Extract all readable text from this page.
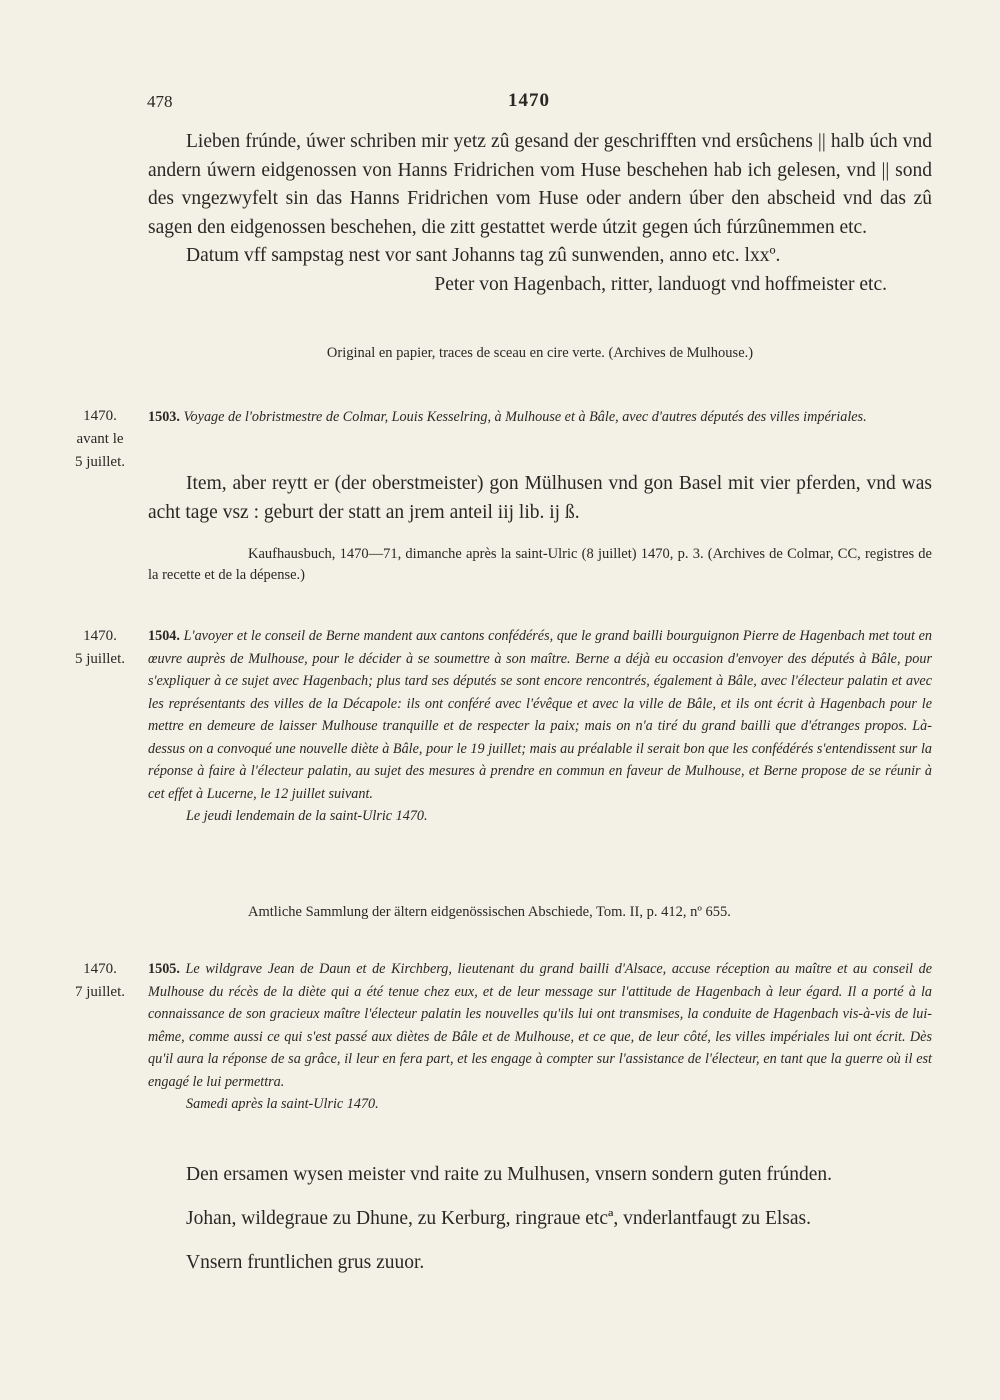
478	1470

Lieben frúnde, úwer schriben mir yetz zû gesand der geschrifften vnd ersûchens || halb úch vnd andern úwern eidgenossen von Hanns Fridrichen vom Huse beschehen hab ich gelesen, vnd || sond des vngezwyfelt sin das Hanns Fridrichen vom Huse oder andern úber den abscheid vnd das zû sagen den eidgenossen beschehen, die zitt gestattet werde útzit gegen úch fúrzûnemmen etc.

Datum vff sampstag nest vor sant Johanns tag zû sunwenden, anno etc. lxxº.

Peter von Hagenbach, ritter, landuogt vnd hoffmeister etc.
Original en papier, traces de sceau en cire verte. (Archives de Mulhouse.)
1470.
avant le
5 juillet.
1503. Voyage de l'obristmestre de Colmar, Louis Kesselring, à Mulhouse et à Bâle, avec d'autres députés des villes impériales.

Item, aber reytt er (der oberstmeister) gon Mülhusen vnd gon Basel mit vier pferden, vnd was acht tage vsz : geburt der statt an jrem anteil iij lib. ij ß.

Kaufhausbuch, 1470—71, dimanche après la saint-Ulric (8 juillet) 1470, p. 3. (Archives de Colmar, CC, registres de la recette et de la dépense.)
1470.
5 juillet.
1504. L'avoyer et le conseil de Berne mandent aux cantons confédérés, que le grand bailli bourguignon Pierre de Hagenbach met tout en œuvre auprès de Mulhouse, pour le décider à se soumettre à son maître. Berne a déjà eu occasion d'envoyer des députés à Bâle, pour s'expliquer à ce sujet avec Hagenbach; plus tard ses députés se sont encore rencontrés, également à Bâle, avec l'électeur palatin et avec les représentants des villes de la Décapole: ils ont conféré avec l'évêque et avec la ville de Bâle, et ils ont écrit à Hagenbach pour le mettre en demeure de laisser Mulhouse tranquille et de respecter la paix; mais on n'a tiré du grand bailli que d'étranges propos. Là-dessus on a convoqué une nouvelle diète à Bâle, pour le 19 juillet; mais au préalable il serait bon que les confédérés s'entendissent sur la réponse à faire à l'électeur palatin, au sujet des mesures à prendre en commun en faveur de Mulhouse, et Berne propose de se réunir à cet effet à Lucerne, le 12 juillet suivant.
Le jeudi lendemain de la saint-Ulric 1470.
Amtliche Sammlung der ältern eidgenössischen Abschiede, Tom. II, p. 412, nº 655.
1470.
7 juillet.
1505. Le wildgrave Jean de Daun et de Kirchberg, lieutenant du grand bailli d'Alsace, accuse réception au maître et au conseil de Mulhouse du récès de la diète qui a été tenue chez eux, et de leur message sur l'attitude de Hagenbach à leur égard. Il a porté à la connaissance de son gracieux maître l'électeur palatin les nouvelles qu'ils lui ont transmises, la conduite de Hagenbach vis-à-vis de lui-même, comme aussi ce qui s'est passé aux diètes de Bâle et de Mulhouse, et ce que, de leur côté, les villes impériales lui ont écrit. Dès qu'il aura la réponse de sa grâce, il leur en fera part, et les engage à compter sur l'assistance de l'électeur, en tant que la guerre où il est engagé le lui permettra.
Samedi après la saint-Ulric 1470.

Den ersamen wysen meister vnd raite zu Mulhusen, vnsern sondern guten frúnden.

Johan, wildegraue zu Dhune, zu Kerburg, ringraue etcª, vnderlantfaugt zu Elsas.

Vnsern fruntlichen grus zuuor.
